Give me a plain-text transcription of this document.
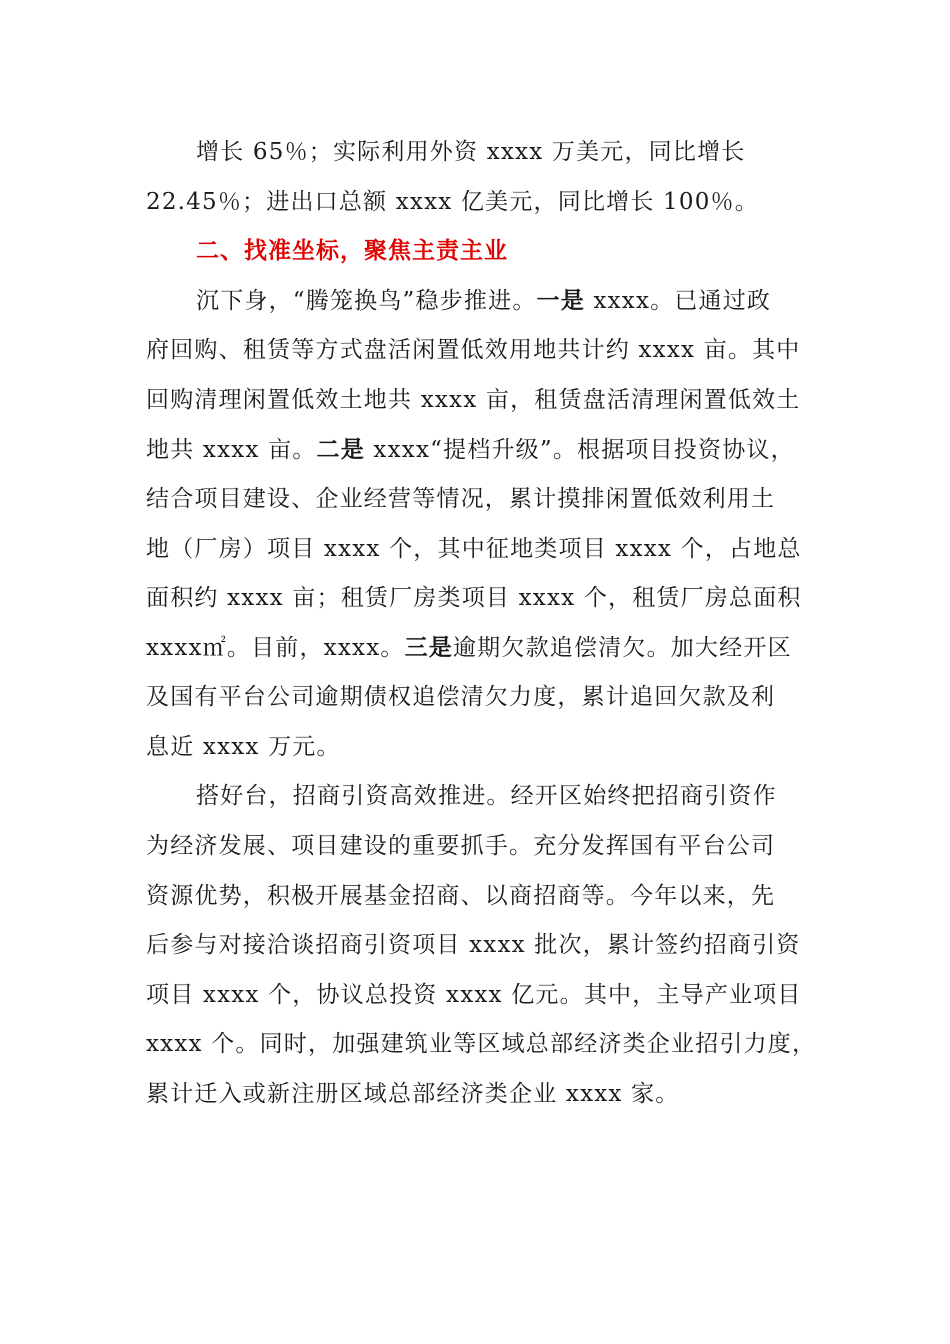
增长 65％；实际利用外资 xxxx 万美元，同比增长
22.45％；进出口总额 xxxx 亿美元，同比增长 100％。
二、找准坐标，聚焦主责主业
沉下身，“腾笼换鸟”稳步推进。一是 xxxx。已通过政
府回购、租赁等方式盘活闲置低效用地共计约 xxxx 亩。其中
回购清理闲置低效土地共 xxxx 亩，租赁盘活清理闲置低效土
地共 xxxx 亩。二是 xxxx“提档升级”。根据项目投资协议，
结合项目建设、企业经营等情况，累计摸排闲置低效利用土
地（厂房）项目 xxxx 个，其中征地类项目 xxxx 个，占地总
面积约 xxxx 亩；租赁厂房类项目 xxxx 个，租赁厂房总面积
xxxx㎡。目前，xxxx。三是逾期欠款追偿清欠。加大经开区
及国有平台公司逾期债权追偿清欠力度，累计追回欠款及利
息近 xxxx 万元。
搭好台，招商引资高效推进。经开区始终把招商引资作
为经济发展、项目建设的重要抓手。充分发挥国有平台公司
资源优势，积极开展基金招商、以商招商等。今年以来，先
后参与对接洽谈招商引资项目 xxxx 批次，累计签约招商引资
项目 xxxx 个，协议总投资 xxxx 亿元。其中，主导产业项目
xxxx 个。同时，加强建筑业等区域总部经济类企业招引力度，
累计迁入或新注册区域总部经济类企业 xxxx 家。
